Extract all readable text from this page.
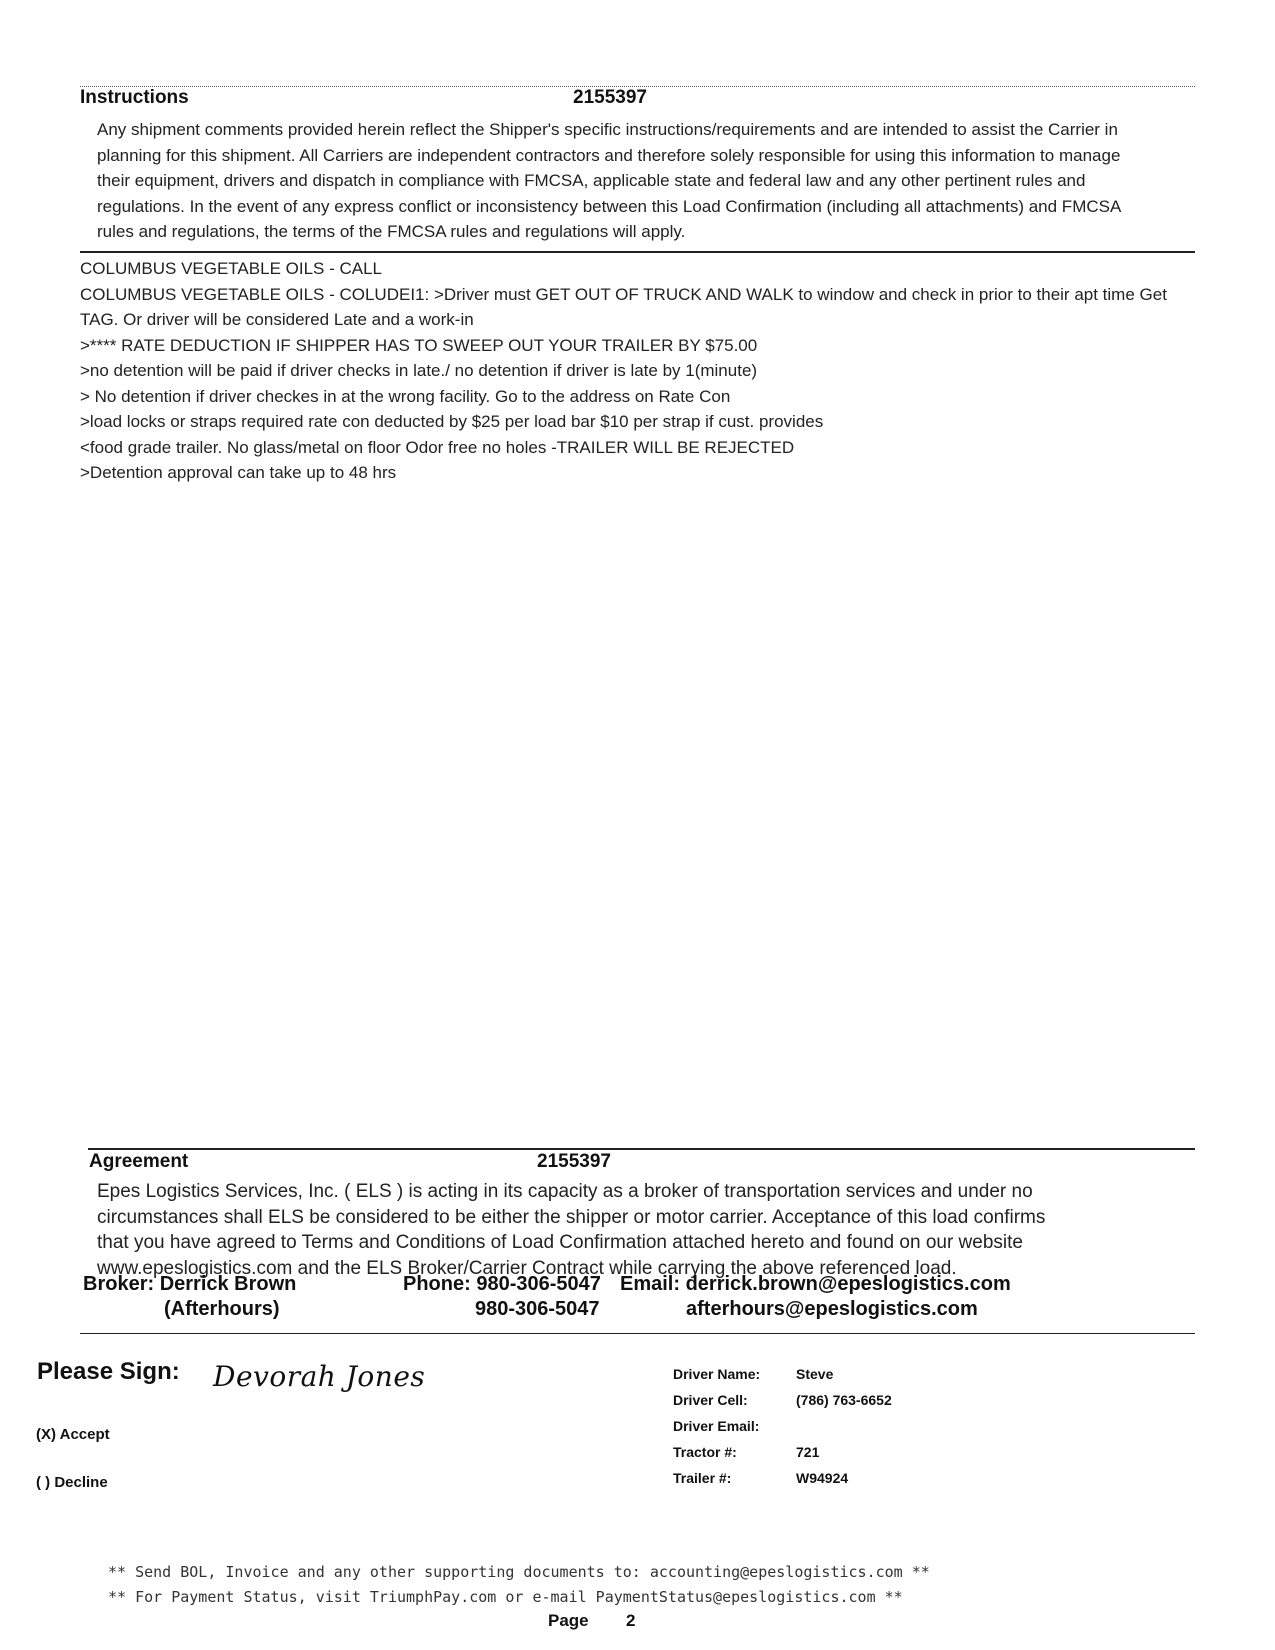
Instructions	2155397
Any shipment comments provided herein reflect the Shipper's specific instructions/requirements and are intended to assist the Carrier in planning for this shipment. All Carriers are independent contractors and therefore solely responsible for using this information to manage their equipment, drivers and dispatch in compliance with FMCSA, applicable state and federal law and any other pertinent rules and regulations. In the event of any express conflict or inconsistency between this Load Confirmation (including all attachments) and FMCSA rules and regulations, the terms of the FMCSA rules and regulations will apply.
COLUMBUS VEGETABLE OILS - CALL
COLUMBUS VEGETABLE OILS - COLUDEI1: >Driver must GET OUT OF TRUCK AND WALK to window and check in prior to their apt time Get TAG. Or driver will be considered Late and a work-in
>**** RATE DEDUCTION IF SHIPPER HAS TO SWEEP OUT YOUR TRAILER BY $75.00
>no detention will be paid if driver checks in late./ no detention if driver is late by 1(minute)
> No detention if driver checkes in at the wrong facility. Go to the address on Rate Con
>load locks or straps required rate con deducted by $25 per load bar $10 per strap if cust. provides
<food grade trailer. No glass/metal on floor Odor free no holes -TRAILER WILL BE REJECTED
>Detention approval can take up to 48 hrs
Agreement	2155397
Epes Logistics Services, Inc. ( ELS ) is acting in its capacity as a broker of transportation services and under no
circumstances shall ELS be considered to be either the shipper or motor carrier. Acceptance of this load confirms
that you have agreed to Terms and Conditions of Load Confirmation attached hereto and found on our website
www.epeslogistics.com and the ELS Broker/Carrier Contract while carrying the above referenced load.
Broker: Derrick Brown	Phone: 980-306-5047 Email: derrick.brown@epeslogistics.com
(Afterhours)	980-306-5047	afterhours@epeslogistics.com
Please Sign: Devorah Jones
(X) Accept
( ) Decline
Driver Name:	Steve
Driver Cell:	(786) 763-6652
Driver Email:
Tractor #:	721
Trailer #:	W94924
** Send BOL, Invoice and any other supporting documents to: accounting@epeslogistics.com **
** For Payment Status, visit TriumphPay.com or e-mail PaymentStatus@epeslogistics.com **
Page 2
